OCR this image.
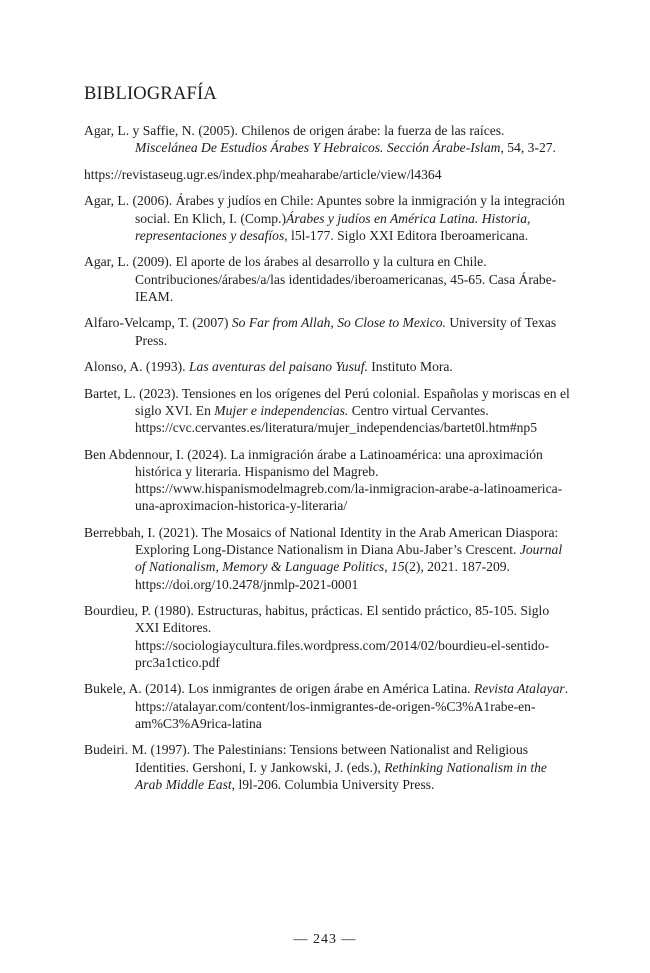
BIBLIOGRAFÍA

Agar, L. y Saffie, N. (2005). Chilenos de origen árabe: la fuerza de las raíces. Miscelánea De Estudios Árabes Y Hebraicos. Sección Árabe-Islam, 54, 3-27.

https://revistaseug.ugr.es/index.php/meaharabe/article/view/l4364

Agar, L. (2006). Árabes y judíos en Chile: Apuntes sobre la inmigración y la integración social. En Klich, I. (Comp.)Árabes y judíos en América Latina. Historia, representaciones y desafíos, l5l-177. Siglo XXI Editora Iberoamericana.

Agar, L. (2009). El aporte de los árabes al desarrollo y la cultura en Chile. Contribuciones/árabes/a/las identidades/iberoamericanas, 45-65. Casa Árabe-IEAM.

Alfaro-Velcamp, T. (2007) So Far from Allah, So Close to Mexico. University of Texas Press.

Alonso, A. (1993). Las aventuras del paisano Yusuf. Instituto Mora.

Bartet, L. (2023). Tensiones en los orígenes del Perú colonial. Españolas y moriscas en el siglo XVI. En Mujer e independencias. Centro virtual Cervantes. https://cvc.cervantes.es/literatura/mujer_independencias/bartet0l.htm#np5

Ben Abdennour, I. (2024). La inmigración árabe a Latinoamérica: una aproximación histórica y literaria. Hispanismo del Magreb. https://www.hispanismodelmagreb.com/la-inmigracion-arabe-a-latinoamerica-una-aproximacion-historica-y-literaria/

Berrebbah, I. (2021). The Mosaics of National Identity in the Arab American Diaspora: Exploring Long-Distance Nationalism in Diana Abu-Jaber’s Crescent. Journal of Nationalism, Memory & Language Politics, 15(2), 2021. 187-209. https://doi.org/10.2478/jnmlp-2021-0001

Bourdieu, P. (1980). Estructuras, habitus, prácticas. El sentido práctico, 85-105. Siglo XXI Editores. https://sociologiaycultura.files.wordpress.com/2014/02/bourdieu-el-sentido-prc3a1ctico.pdf

Bukele, A. (2014). Los inmigrantes de origen árabe en América Latina. Revista Atalayar. https://atalayar.com/content/los-inmigrantes-de-origen-%C3%A1rabe-en-am%C3%A9rica-latina

Budeiri. M. (1997). The Palestinians: Tensions between Nationalist and Religious Identities. Gershoni, I. y Jankowski, J. (eds.), Rethinking Nationalism in the Arab Middle East, l9l-206. Columbia University Press.

— 243 —
